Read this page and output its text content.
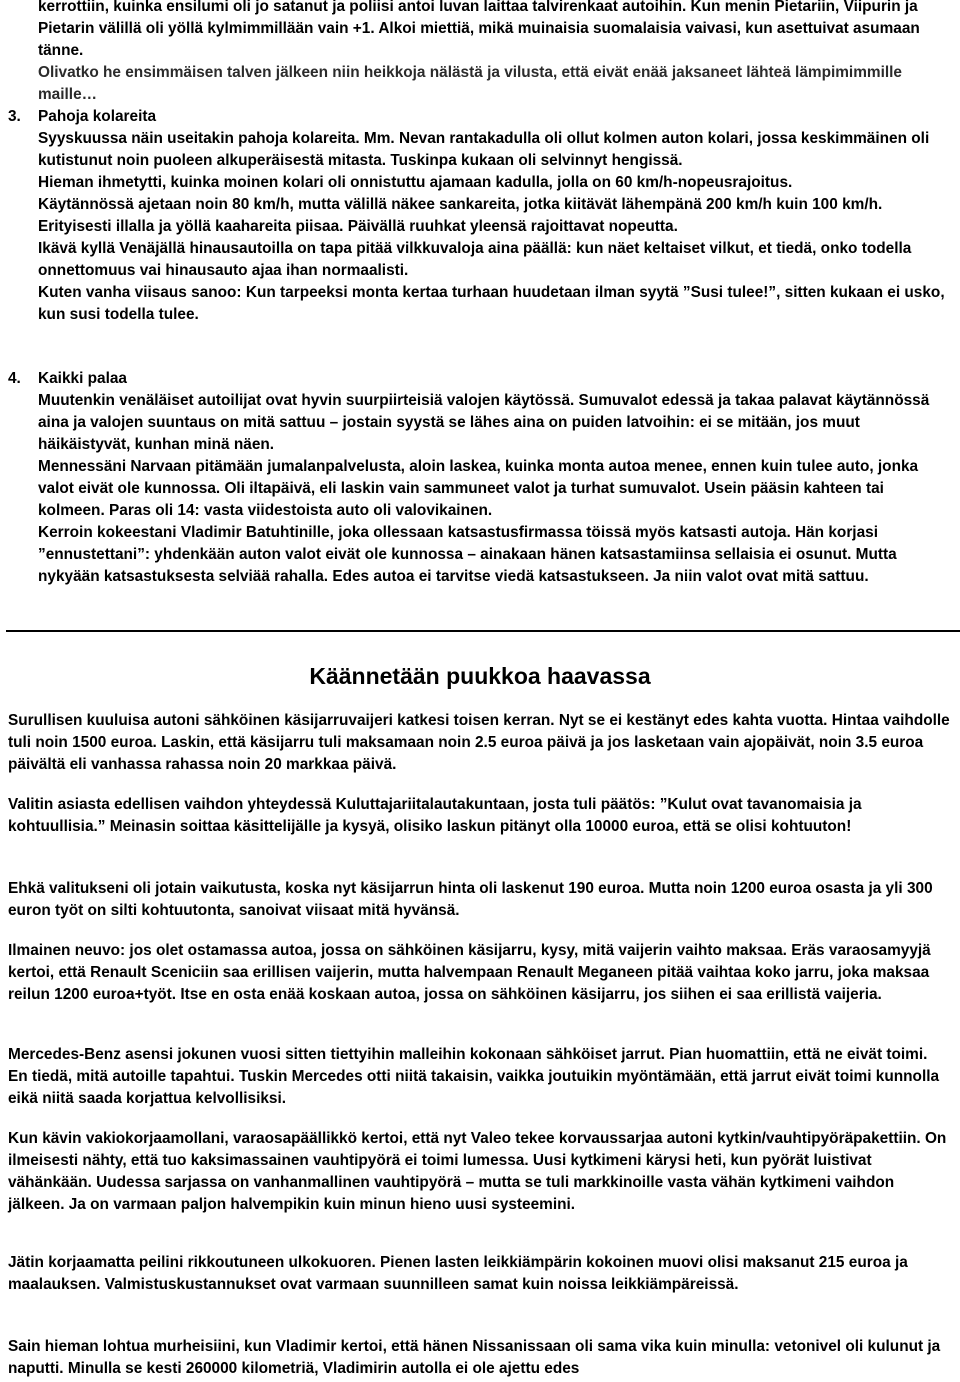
kerrottiin, kuinka ensilumi oli jo satanut ja poliisi antoi luvan laittaa talvirenkaat autoihin. Kun menin Pietariin, Viipurin ja Pietarin välillä oli yöllä kylmimmillään vain +1. Alkoi miettiä, mikä muinaisia suomalaisia vaivasi, kun asettuivat asumaan tänne.

Olivatko he ensimmäisen talven jälkeen niin heikkoja nälästä ja vilusta, että eivät enää jaksaneet lähteä lämpimimmille maille…

3.	Pahoja kolareita

Syyskuussa näin useitakin pahoja kolareita. Mm. Nevan rantakadulla oli ollut kolmen auton kolari, jossa keskimmäinen oli kutistunut noin puoleen alkuperäisestä mitasta. Tuskinpa kukaan oli selvinnyt hengissä.

Hieman ihmetytti, kuinka moinen kolari oli onnistuttu ajamaan kadulla, jolla on 60 km/h-nopeusrajoitus.

Käytännössä ajetaan noin 80 km/h, mutta välillä näkee sankareita, jotka kiitävät lähempänä 200 km/h kuin 100 km/h. Erityisesti illalla ja yöllä kaahareita piisaa. Päivällä ruuhkat yleensä rajoittavat nopeutta.

Ikävä kyllä Venäjällä hinausautoilla on tapa pitää vilkkuvaloja aina päällä: kun näet keltaiset vilkut, et tiedä, onko todella onnettomuus vai hinausauto ajaa ihan normaalisti.

Kuten vanha viisaus sanoo: Kun tarpeeksi monta kertaa turhaan huudetaan ilman syytä ”Susi tulee!”, sitten kukaan ei usko, kun susi todella tulee.

4.	Kaikki palaa

Muutenkin venäläiset autoilijat ovat hyvin suurpiirteisiä valojen käytössä. Sumuvalot edessä ja takaa palavat käytännössä aina ja valojen suuntaus on mitä sattuu – jostain syystä se lähes aina on puiden latvoihin: ei se mitään, jos muut häikäistyvät, kunhan minä näen.

Mennessäni Narvaan pitämään jumalanpalvelusta, aloin laskea, kuinka monta autoa menee, ennen kuin tulee auto, jonka valot eivät ole kunnossa. Oli iltapäivä, eli laskin vain sammuneet valot ja turhat sumuvalot. Usein pääsin kahteen tai kolmeen. Paras oli 14: vasta viidestoista auto oli valovikainen.

Kerroin kokeestani Vladimir Batuhtinille, joka ollessaan katsastusfirmassa töissä myös katsasti autoja. Hän korjasi ”ennustettani”: yhdenkään auton valot eivät ole kunnossa – ainakaan hänen katsastamiinsa sellaisia ei osunut. Mutta nykyään katsastuksesta selviää rahalla. Edes autoa ei tarvitse viedä katsastukseen. Ja niin valot ovat mitä sattuu.

Käännetään puukkoa haavassa

Surullisen kuuluisa autoni sähköinen käsijarruvaijeri katkesi toisen kerran. Nyt se ei kestänyt edes kahta vuotta. Hintaa vaihdolle tuli noin 1500 euroa. Laskin, että käsijarru tuli maksamaan noin 2.5 euroa päivä ja jos lasketaan vain ajopäivät, noin 3.5 euroa päivältä eli vanhassa rahassa noin 20 markkaa päivä.

Valitin asiasta edellisen vaihdon yhteydessä Kuluttajariitalautakuntaan, josta tuli päätös: ”Kulut ovat tavanomaisia ja kohtuullisia.” Meinasin soittaa käsittelijälle ja kysyä, olisiko laskun pitänyt olla 10000 euroa, että se olisi kohtuuton!

Ehkä valitukseni oli jotain vaikutusta, koska nyt käsijarrun hinta oli laskenut 190 euroa. Mutta noin 1200 euroa osasta ja yli 300 euron työt on silti kohtuutonta, sanoivat viisaat mitä hyvänsä.

Ilmainen neuvo: jos olet ostamassa autoa, jossa on sähköinen käsijarru, kysy, mitä vaijerin vaihto maksaa. Eräs varaosamyyjä kertoi, että Renault Sceniciin saa erillisen vaijerin, mutta halvempaan Renault Meganeen pitää vaihtaa koko jarru, joka maksaa reilun 1200 euroa+työt. Itse en osta enää koskaan autoa, jossa on sähköinen käsijarru, jos siihen ei saa erillistä vaijeria.

Mercedes-Benz asensi jokunen vuosi sitten tiettyihin malleihin kokonaan sähköiset jarrut. Pian huomattiin, että ne eivät toimi. En tiedä, mitä autoille tapahtui. Tuskin Mercedes otti niitä takaisin, vaikka joutuikin myöntämään, että jarrut eivät toimi kunnolla eikä niitä saada korjattua kelvollisiksi.

Kun kävin vakiokorjaamollani, varaosapäällikkö kertoi, että nyt Valeo tekee korvaussarjaa autoni kytkin/vauhtipyöräpakettiin. On ilmeisesti nähty, että tuo kaksimassainen vauhtipyörä ei toimi lumessa. Uusi kytkimeni kärysi heti, kun pyörät luistivat vähänkään. Uudessa sarjassa on vanhanmallinen vauhtipyörä – mutta se tuli markkinoille vasta vähän kytkimeni vaihdon jälkeen. Ja on varmaan paljon halvempikin kuin minun hieno uusi systeemini.

Jätin korjaamatta peilini rikkoutuneen ulkokuoren. Pienen lasten leikkiämpärin kokoinen muovi olisi maksanut 215 euroa ja maalauksen. Valmistuskustannukset ovat varmaan suunnilleen samat kuin noissa leikkiämpäreissä.

Sain hieman lohtua murheisiini, kun Vladimir kertoi, että hänen Nissanissaan oli sama vika kuin minulla: vetonivel oli kulunut ja naputti. Minulla se kesti 260000 kilometriä, Vladimirin autolla ei ole ajettu edes
